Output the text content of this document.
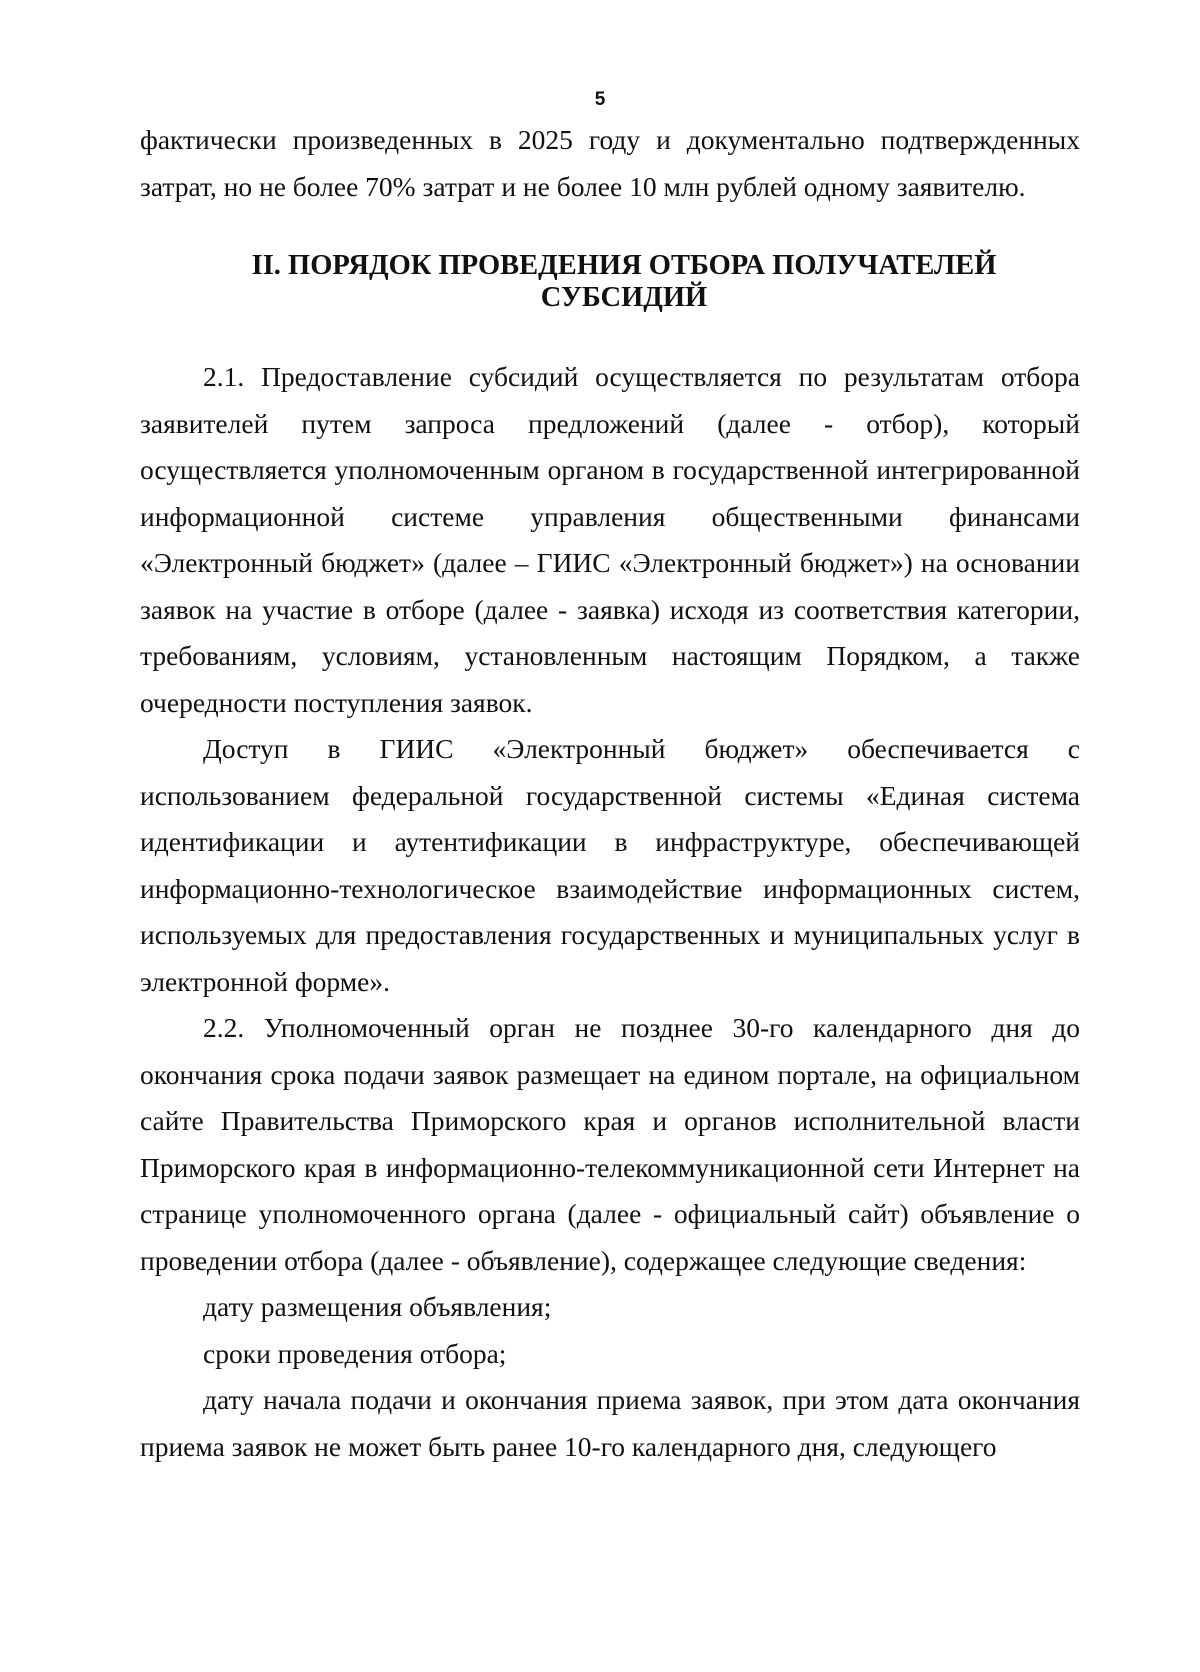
5

фактически произведенных в 2025 году и документально подтвержденных

затрат, но не более 70% затрат и не более 10 млн рублей одному заявителю.

II. ПОРЯДОК ПРОВЕДЕНИЯ ОТБОРА ПОЛУЧАТЕЛЕЙ
СУБСИДИЙ

2.1. Предоставление субсидий осуществляется по результатам отбора заявителей путем запроса предложений (далее - отбор), который осуществляется уполномоченным органом в государственной интегрированной информационной системе управления общественными финансами «Электронный бюджет» (далее – ГИИС «Электронный бюджет») на основании заявок на участие в отборе (далее - заявка) исходя из соответствия категории, требованиям, условиям, установленным настоящим Порядком, а также очередности поступления заявок.

Доступ в ГИИС «Электронный бюджет» обеспечивается с использованием федеральной государственной системы «Единая система идентификации и аутентификации в инфраструктуре, обеспечивающей информационно-технологическое взаимодействие информационных систем, используемых для предоставления государственных и муниципальных услуг в электронной форме».

2.2. Уполномоченный орган не позднее 30-го календарного дня до окончания срока подачи заявок размещает на едином портале, на официальном сайте Правительства Приморского края и органов исполнительной власти Приморского края в информационно-телекоммуникационной сети Интернет на странице уполномоченного органа (далее - официальный сайт) объявление о проведении отбора (далее - объявление), содержащее следующие сведения:

дату размещения объявления;

сроки проведения отбора;

дату начала подачи и окончания приема заявок, при этом дата окончания приема заявок не может быть ранее 10-го календарного дня, следующего
